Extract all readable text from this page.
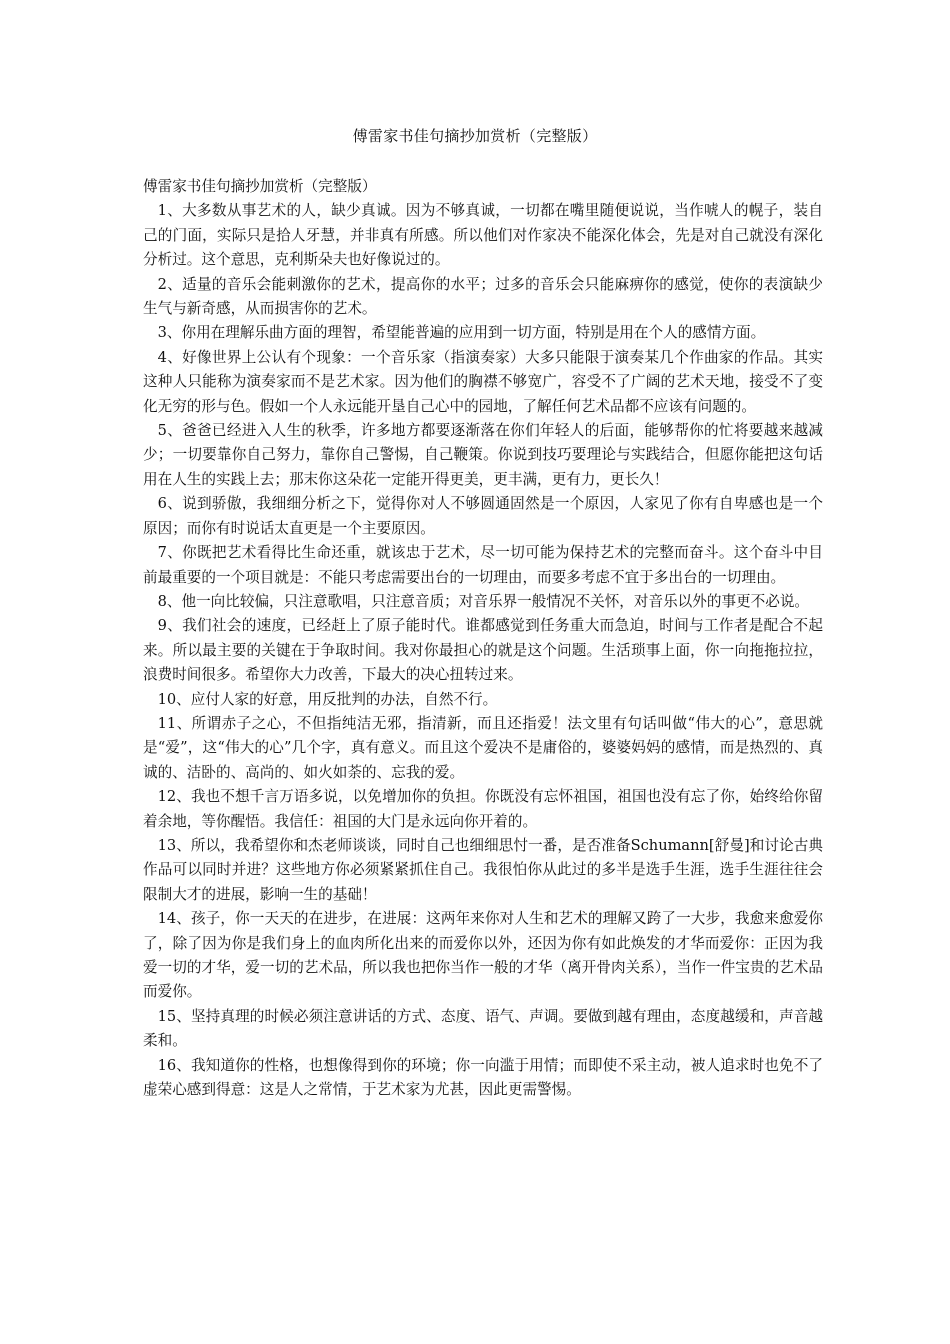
傅雷家书佳句摘抄加赏析（完整版）

傅雷家书佳句摘抄加赏析（完整版）

1、大多数从事艺术的人，缺少真诚。因为不够真诚，一切都在嘴里随便说说，当作唬人的幌子，装自己的门面，实际只是拾人牙慧，并非真有所感。所以他们对作家决不能深化体会，先是对自己就没有深化分析过。这个意思，克利斯朵夫也好像说过的。

2、适量的音乐会能刺激你的艺术，提高你的水平；过多的音乐会只能麻痹你的感觉，使你的表演缺少生气与新奇感，从而损害你的艺术。

3、你用在理解乐曲方面的理智，希望能普遍的应用到一切方面，特别是用在个人的感情方面。

4、好像世界上公认有个现象：一个音乐家（指演奏家）大多只能限于演奏某几个作曲家的作品。其实这种人只能称为演奏家而不是艺术家。因为他们的胸襟不够宽广，容受不了广阔的艺术天地，接受不了变化无穷的形与色。假如一个人永远能开垦自己心中的园地，了解任何艺术品都不应该有问题的。

5、爸爸已经进入人生的秋季，许多地方都要逐渐落在你们年轻人的后面，能够帮你的忙将要越来越减少；一切要靠你自己努力，靠你自己警惕，自己鞭策。你说到技巧要理论与实践结合，但愿你能把这句话用在人生的实践上去；那末你这朵花一定能开得更美，更丰满，更有力，更长久！

6、说到骄傲，我细细分析之下，觉得你对人不够圆通固然是一个原因，人家见了你有自卑感也是一个原因；而你有时说话太直更是一个主要原因。

7、你既把艺术看得比生命还重，就该忠于艺术，尽一切可能为保持艺术的完整而奋斗。这个奋斗中目前最重要的一个项目就是：不能只考虑需要出台的一切理由，而要多考虑不宜于多出台的一切理由。

8、他一向比较偏，只注意歌唱，只注意音质；对音乐界一般情况不关怀，对音乐以外的事更不必说。

9、我们社会的速度，已经赶上了原子能时代。谁都感觉到任务重大而急迫，时间与工作者是配合不起来。所以最主要的关键在于争取时间。我对你最担心的就是这个问题。生活琐事上面，你一向拖拖拉拉，浪费时间很多。希望你大力改善，下最大的决心扭转过来。

10、应付人家的好意，用反批判的办法，自然不行。

11、所谓赤子之心，不但指纯洁无邪，指清新，而且还指爱！法文里有句话叫做“伟大的心”，意思就是“爱”，这“伟大的心”几个字，真有意义。而且这个爱决不是庸俗的，婆婆妈妈的感情，而是热烈的、真诚的、洁卧的、高尚的、如火如荼的、忘我的爱。

12、我也不想千言万语多说，以免增加你的负担。你既没有忘怀祖国，祖国也没有忘了你，始终给你留着余地，等你醒悟。我信任：祖国的大门是永远向你开着的。

13、所以，我希望你和杰老师谈谈，同时自己也细细思忖一番，是否准备Schumann[舒曼]和讨论古典作品可以同时并进？这些地方你必须紧紧抓住自己。我很怕你从此过的多半是选手生涯，选手生涯往往会限制大才的进展，影响一生的基础！

14、孩子，你一天天的在进步，在进展：这两年来你对人生和艺术的理解又跨了一大步，我愈来愈爱你了，除了因为你是我们身上的血肉所化出来的而爱你以外，还因为你有如此焕发的才华而爱你：正因为我爱一切的才华，爱一切的艺术品，所以我也把你当作一般的才华（离开骨肉关系），当作一件宝贵的艺术品而爱你。

15、坚持真理的时候必须注意讲话的方式、态度、语气、声调。要做到越有理由，态度越缓和，声音越柔和。

16、我知道你的性格，也想像得到你的环境；你一向滥于用情；而即使不采主动，被人追求时也免不了虚荣心感到得意：这是人之常情，于艺术家为尤甚，因此更需警惕。
